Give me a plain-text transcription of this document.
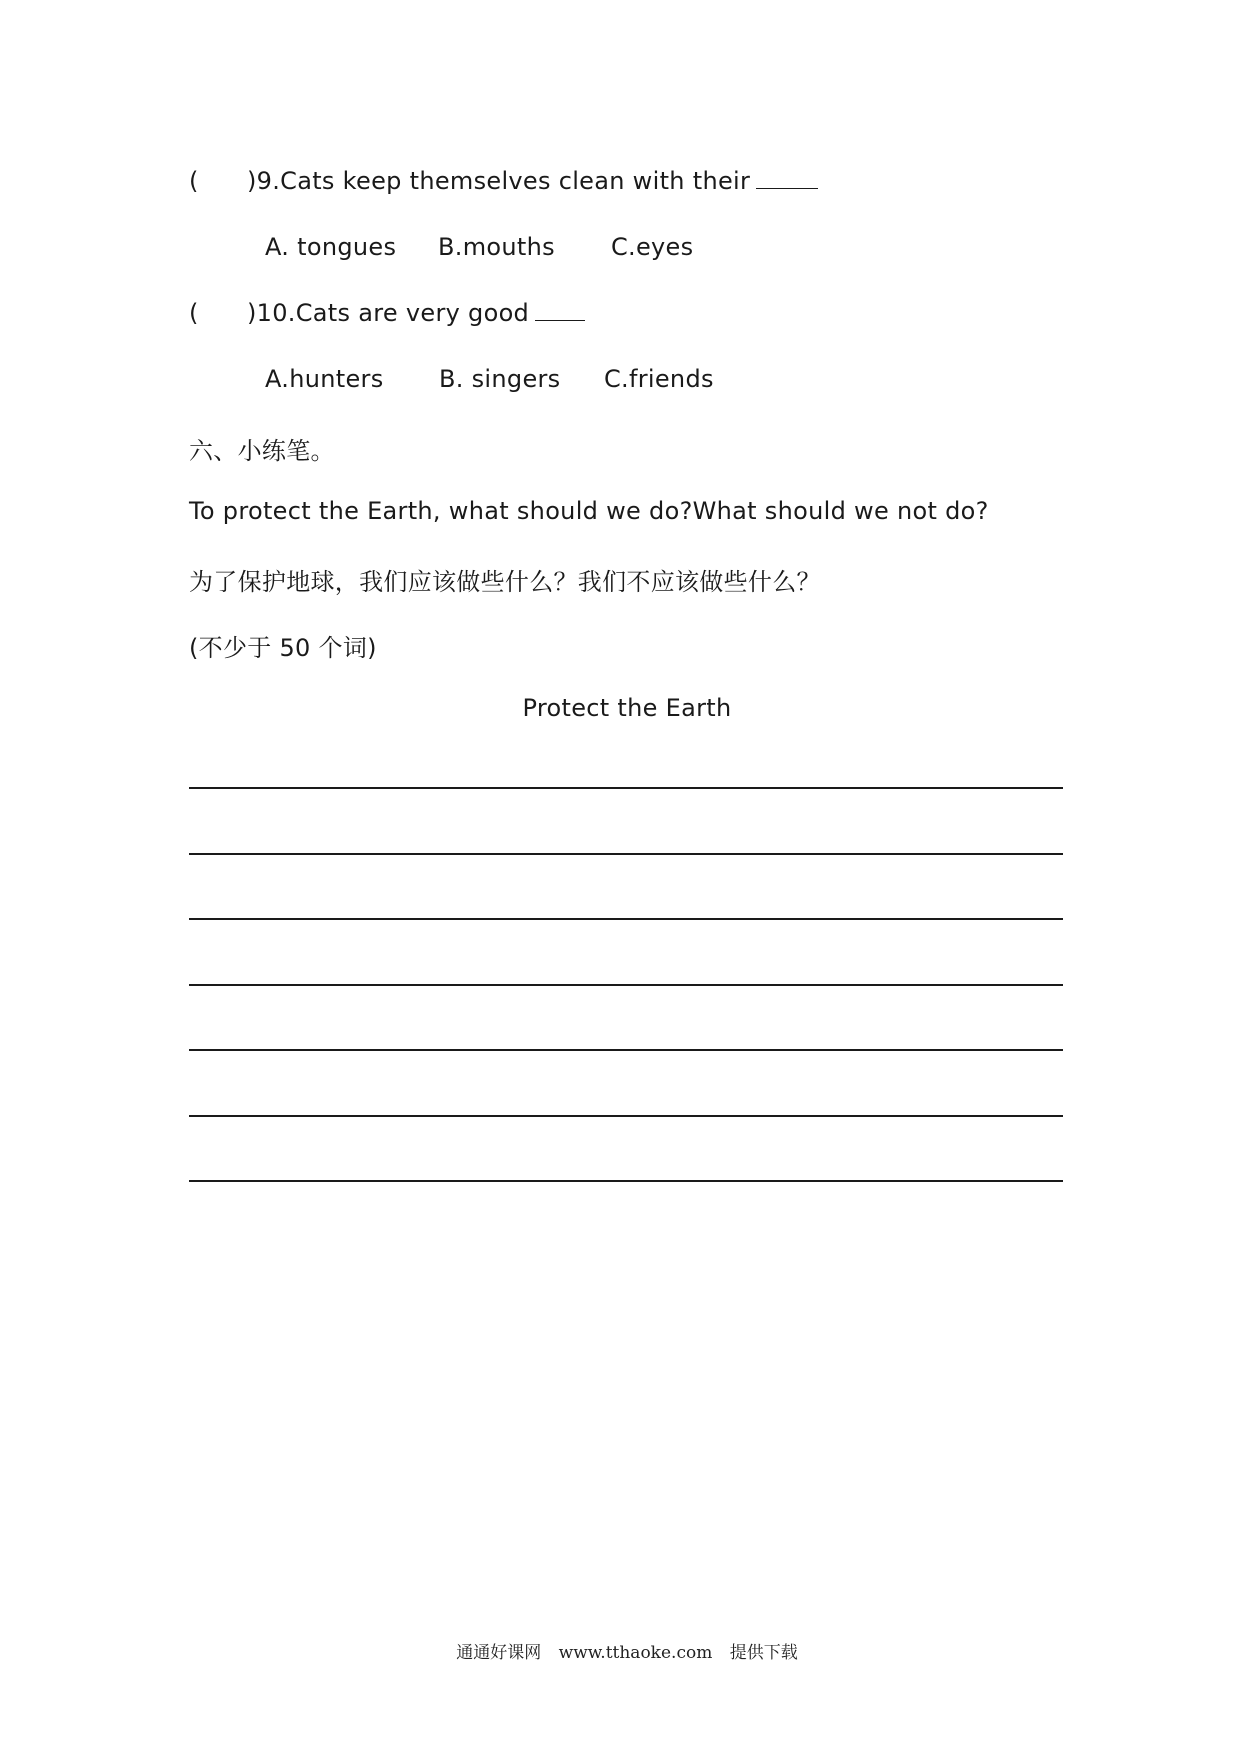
( )9.Cats keep themselves clean with their
A. tongues B.mouths C.eyes
( )10.Cats are very good
A.hunters B. singers C.friends
六、小练笔。
To protect the Earth, what should we do?What should we not do?
为了保护地球，我们应该做些什么？我们不应该做些什么？
(不少于 50 个词)
Protect the Earth
通通好课网 www.tthaoke.com 提供下载
